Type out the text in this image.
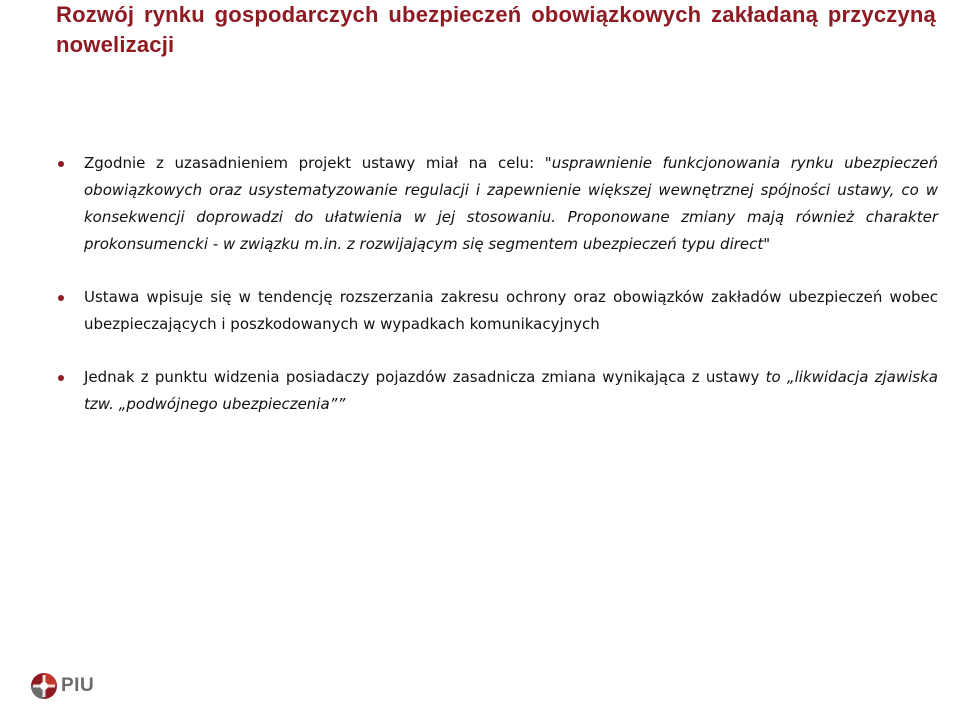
Rozwój rynku gospodarczych ubezpieczeń obowiązkowych zakładaną przyczyną nowelizacji
Zgodnie z uzasadnieniem projekt ustawy miał na celu: "usprawnienie funkcjonowania rynku ubezpieczeń obowiązkowych oraz usystematyzowanie regulacji i zapewnienie większej wewnętrznej spójności ustawy, co w konsekwencji doprowadzi do ułatwienia w jej stosowaniu. Proponowane zmiany mają również charakter prokonsumencki - w związku m.in. z rozwijającym się segmentem ubezpieczeń typu direct"
Ustawa wpisuje się w tendencję rozszerzania zakresu ochrony oraz obowiązków zakładów ubezpieczeń wobec ubezpieczających i poszkodowanych w wypadkach komunikacyjnych
Jednak z punktu widzenia posiadaczy pojazdów zasadnicza zmiana wynikająca z ustawy to „likwidacja zjawiska tzw. „podwójnego ubezpieczenia””
PIU
